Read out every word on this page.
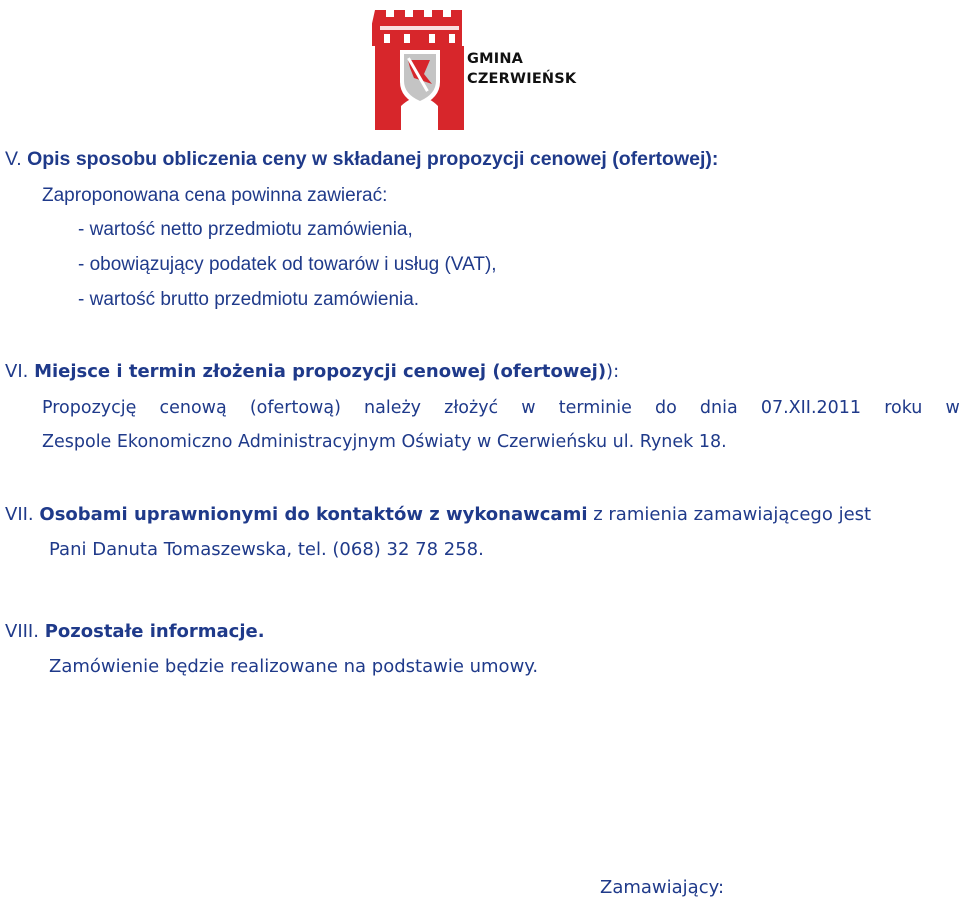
GMINA
CZERWIEŃSK
V. Opis sposobu obliczenia ceny w składanej propozycji cenowej (ofertowej):
Zaproponowana cena powinna zawierać:
- wartość netto przedmiotu zamówienia,
- obowiązujący podatek od towarów i usług (VAT),
- wartość brutto przedmiotu zamówienia.
VI. Miejsce i termin złożenia propozycji cenowej (ofertowej)):
Propozycję cenową (ofertową) należy złożyć w terminie do dnia 07.XII.2011 roku w
Zespole Ekonomiczno Administracyjnym Oświaty w Czerwieńsku ul. Rynek 18.
VII. Osobami uprawnionymi do kontaktów z wykonawcami z ramienia zamawiającego jest
Pani Danuta Tomaszewska, tel. (068) 32 78 258.
VIII. Pozostałe informacje.
Zamówienie będzie realizowane na podstawie umowy.
Zamawiający:
